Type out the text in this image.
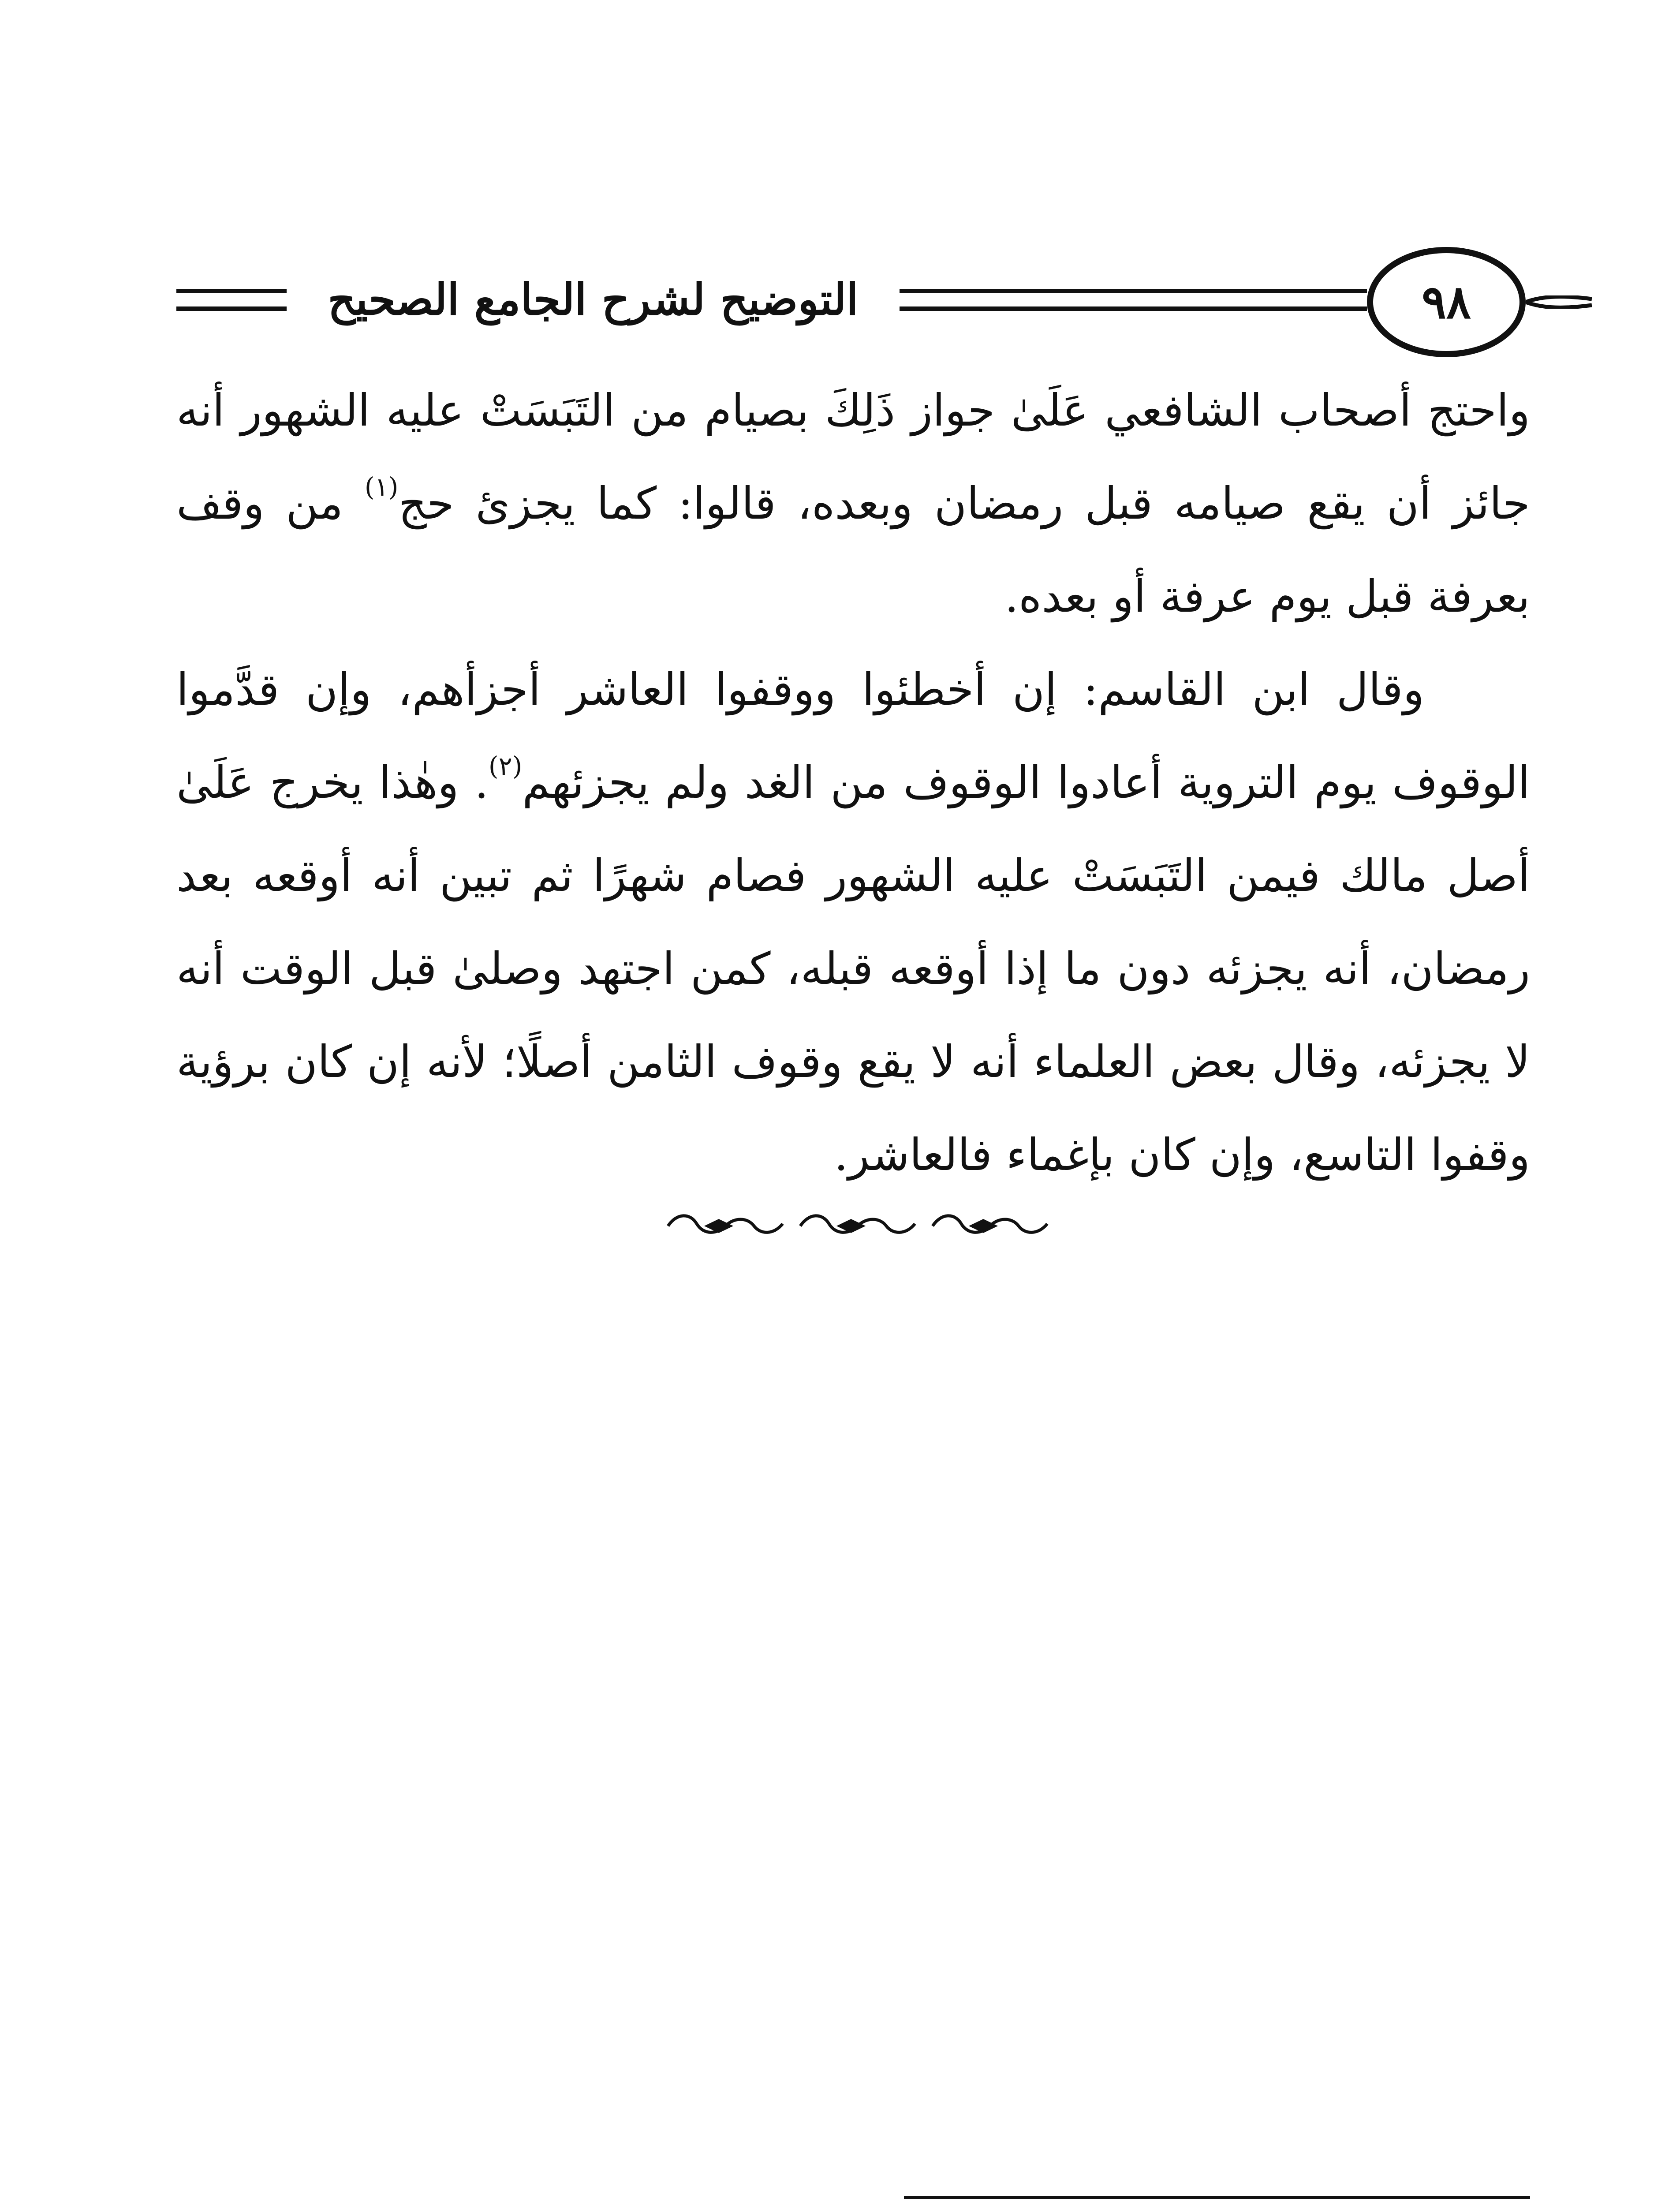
التوضيح لشرح الجامع الصحيح	٩٨

واحتج أصحاب الشافعي عَلَىٰ جواز ذَلِكَ بصيام من التَبَسَتْ عليه الشهور أنه جائز أن يقع صيامه قبل رمضان وبعده، قالوا: كما يجزئ حج$^{(١)}$ من وقف بعرفة قبل يوم عرفة أو بعده.

وقال ابن القاسم: إن أخطئوا ووقفوا العاشر أجزأهم، وإن قدَّموا الوقوف يوم التروية أعادوا الوقوف من الغد ولم يجزئهم$^{(٢)}$. وهٰذا يخرج عَلَىٰ أصل مالك فيمن التَبَسَتْ عليه الشهور فصام شهرًا ثم تبين أنه أوقعه بعد رمضان، أنه يجزئه دون ما إذا أوقعه قبله، كمن اجتهد وصلىٰ قبل الوقت أنه لا يجزئه، وقال بعض العلماء أنه لا يقع وقوف الثامن أصلًا؛ لأنه إن كان برؤية وقفوا التاسع، وإن كان بإغماء فالعاشر.
